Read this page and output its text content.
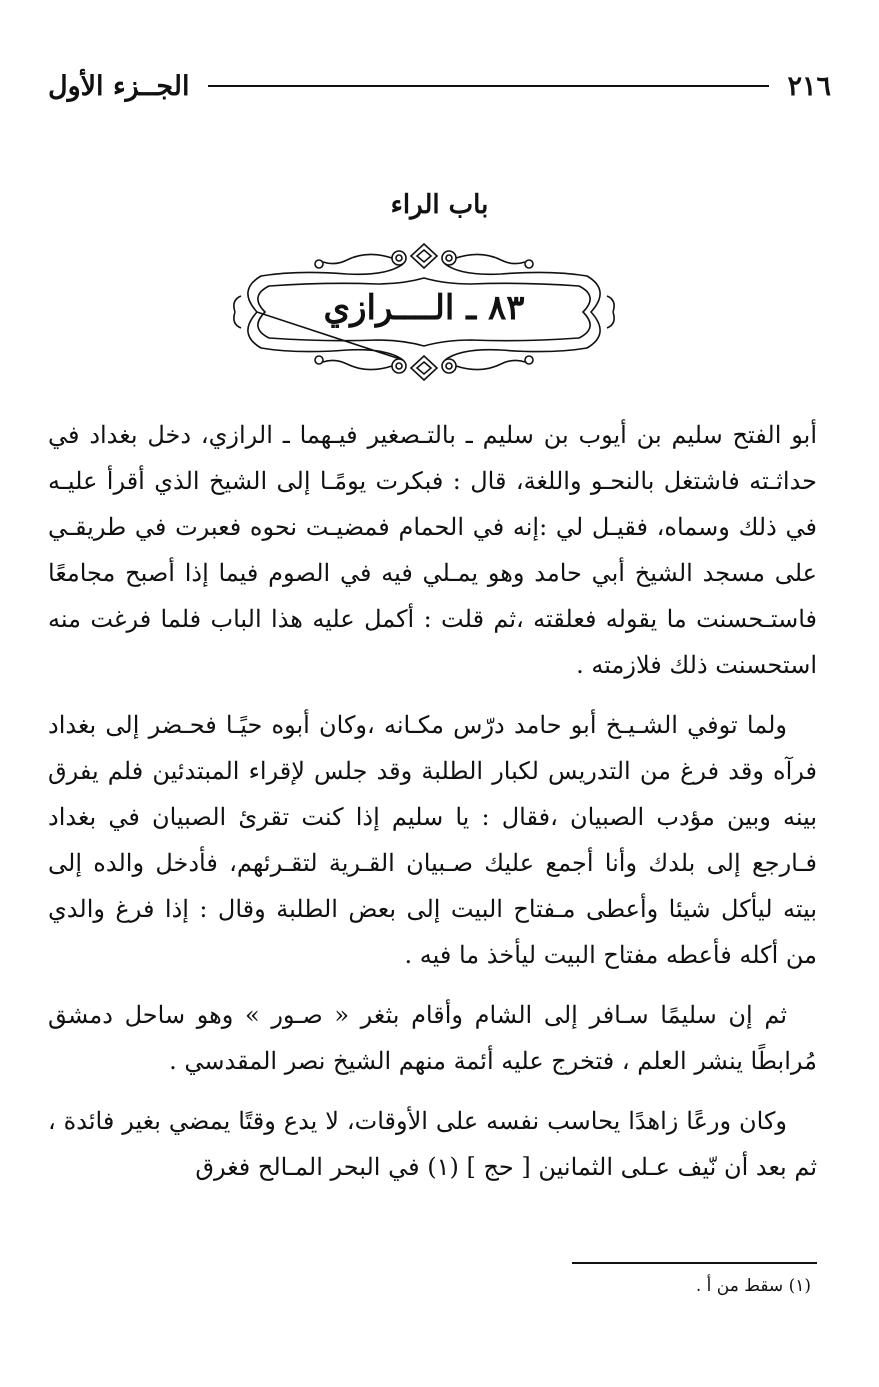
٢١٦
الجــزء الأول
باب الراء
٨٣ ـ الــــرازي

أبو الفتح سليم بن أيوب بن سليم ـ بالتـصغير فيـهما ـ الرازي، دخل بغداد في حداثـته فاشتغل بالنحـو واللغة، قال : فبكرت يومًـا إلى الشيخ الذي أقرأ عليـه في ذلك وسماه، فقيـل لي :إنه في الحمام فمضيـت نحوه فعبرت في طريقـي على مسجد الشيخ أبي حامد وهو يمـلي فيه في الصوم فيما إذا أصبح مجامعًا فاستـحسنت ما يقوله فعلقته ،ثم قلت : أكمل عليه هذا الباب فلما فرغت منه استحسنت ذلك فلازمته .

ولما توفي الشـيـخ أبو حامد درّس مكـانه ،وكان أبوه حيًـا فحـضر إلى بغداد فرآه وقد فرغ من التدريس لكبار الطلبة وقد جلس لإقراء المبتدئين فلم يفرق بينه وبين مؤدب الصبيان ،فقال : يا سليم إذا كنت تقرئ الصبيان في بغداد فـارجع إلى بلدك وأنا أجمع عليك صـبيان القـرية لتقـرئهم، فأدخل والده إلى بيته ليأكل شيئا وأعطى مـفتاح البيت إلى بعض الطلبة وقال : إذا فرغ والدي من أكله فأعطه مفتاح البيت ليأخذ ما فيه .

ثم إن سليمًا سـافر إلى الشام وأقام بثغر « صـور » وهو ساحل دمشق مُرابطًا ينشر العلم ، فتخرج عليه أئمة منهم الشيخ نصر المقدسي .

وكان ورعًا زاهدًا يحاسب نفسه على الأوقات، لا يدع وقتًا يمضي بغير فائدة ، ثم بعد أن نّيف عـلى الثمانين [ حج ] (١) في البحر المـالح فغرق

(١) سقط من أ .
